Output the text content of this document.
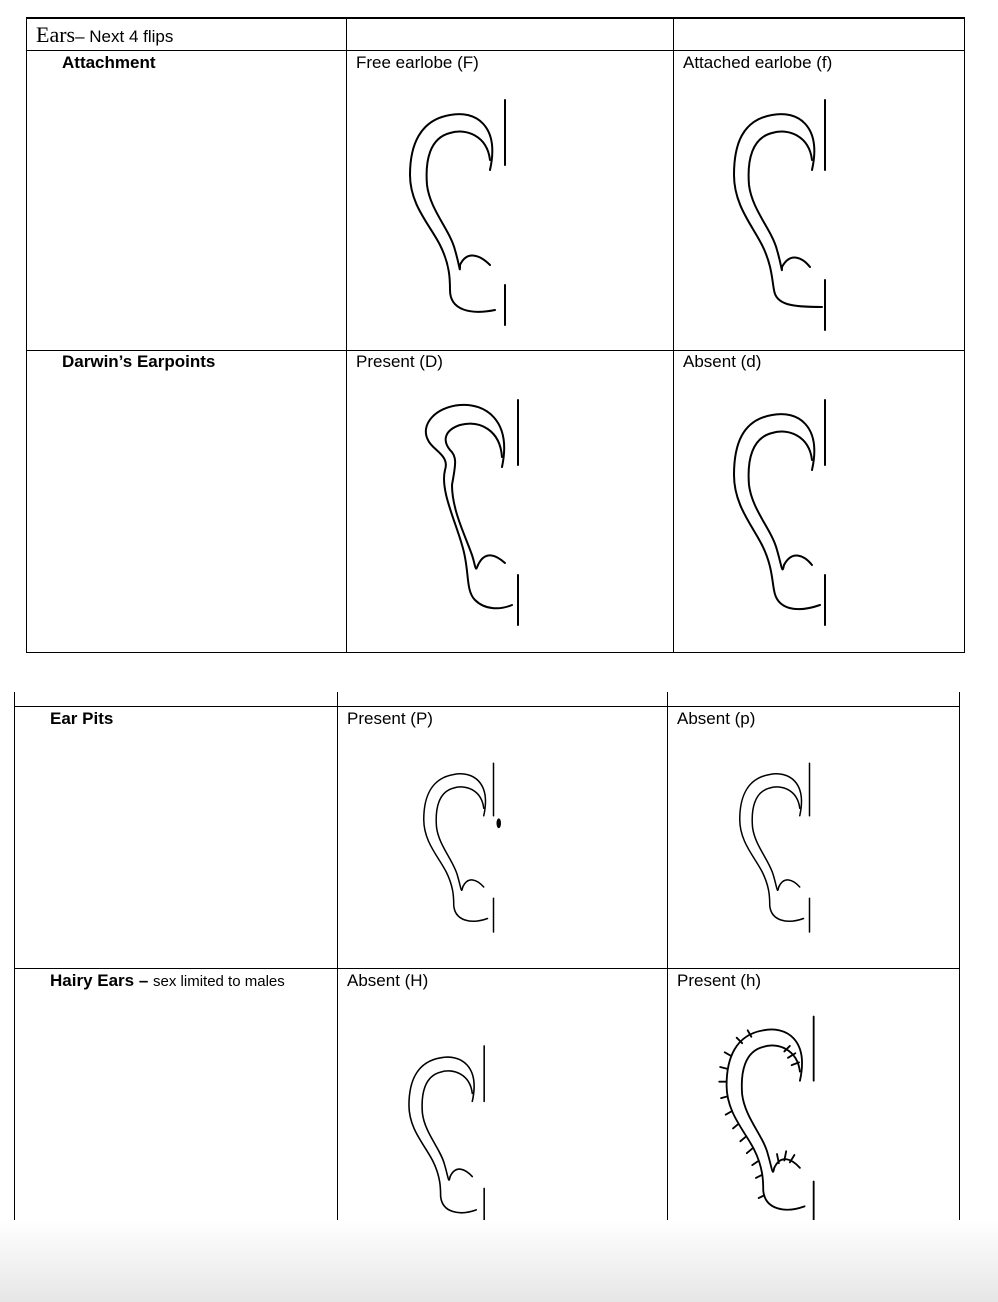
Ears– Next 4 flips
Attachment	Free earlobe (F)	Attached earlobe (f)
Darwin’s Earpoints	Present (D)	Absent (d)
Ear Pits	Present (P)	Absent (p)
Hairy Ears – sex limited to males	Absent (H)	Present (h)
